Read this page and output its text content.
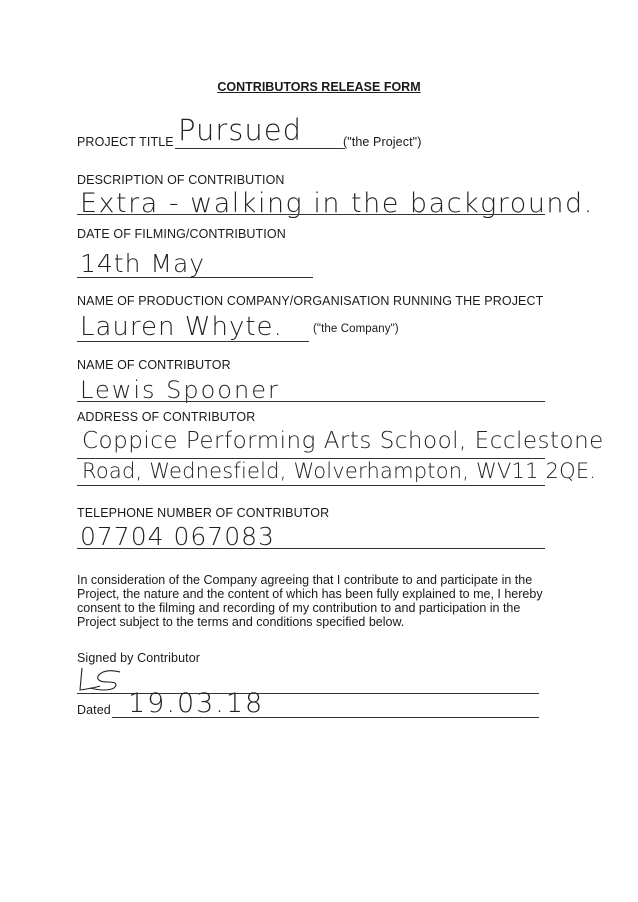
CONTRIBUTORS RELEASE FORM
PROJECT TITLE Pursued	("the Project")
DESCRIPTION OF CONTRIBUTION
Extra - walking in the background.
DATE OF FILMING/CONTRIBUTION
14th May
NAME OF PRODUCTION COMPANY/ORGANISATION RUNNING THE PROJECT
Lauren Whyte.	("the Company")
NAME OF CONTRIBUTOR
Lewis Spooner
ADDRESS OF CONTRIBUTOR
Coppice Performing Arts School, Ecclestone
Road, Wednesfield, Wolverhampton, WV11 2QE.
TELEPHONE NUMBER OF CONTRIBUTOR
07704 067083
In consideration of the Company agreeing that I contribute to and participate in the Project, the nature and the content of which has been fully explained to me, I hereby consent to the filming and recording of my contribution to and participation in the Project subject to the terms and conditions specified below.
Signed by Contributor
Dated 19.03.18
